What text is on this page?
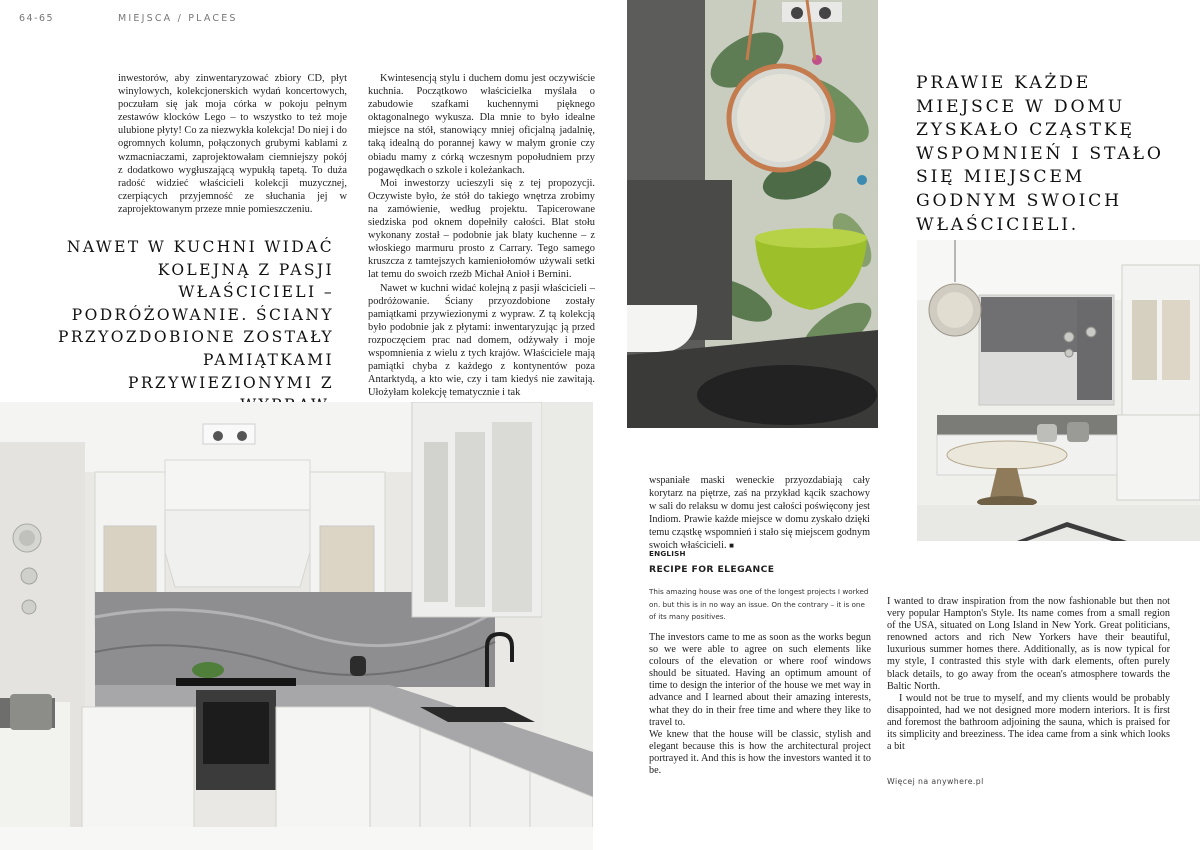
64-65	MIEJSCA / PLACES

inwestorów, aby zinwentaryzować zbiory CD, płyt winylowych, kolekcjonerskich wydań koncertowych, poczułam się jak moja córka w pokoju pełnym zestawów klocków Lego – to wszystko to też moje ulubione płyty! Co za niezwykła kolekcja! Do niej i do ogromnych kolumn, połączonych grubymi kablami z wzmacniaczami, zaprojektowałam ciemniejszy pokój z dodatkowo wygłuszającą wypukłą tapetą. To duża radość widzieć właścicieli kolekcji muzycznej, czerpiących przyjemność ze słuchania jej w zaprojektowanym przeze mnie pomieszczeniu.

Kwintesencją stylu i duchem domu jest oczywiście kuchnia. Początkowo właścicielka myślała o zabudowie szafkami kuchennymi pięknego oktagonalnego wykusza. Dla mnie to było idealne miejsce na stół, stanowiący mniej oficjalną jadalnię, taką idealną do porannej kawy w małym gronie czy obiadu mamy z córką wczesnym popołudniem przy pogawędkach o szkole i koleżankach.

Moi inwestorzy ucieszyli się z tej propozycji. Oczywiste było, że stół do takiego wnętrza zrobimy na zamówienie, według projektu. Tapicerowane siedziska pod oknem dopełniły całości. Blat stołu wykonany został – podobnie jak blaty kuchenne – z włoskiego marmuru prosto z Carrary. Tego samego kruszcza z tamtejszych kamieniołomów używali setki lat temu do swoich rzeźb Michał Anioł i Bernini.

Nawet w kuchni widać kolejną z pasji właścicieli – podróżowanie. Ściany przyozdobione zostały pamiątkami przywiezionymi z wypraw. Z tą kolekcją było podobnie jak z płytami: inwentaryzując ją przed rozpoczęciem prac nad domem, odżywały i moje wspomnienia z wielu z tych krajów. Właściciele mają pamiątki chyba z każdego z kontynentów poza Antarktydą, a kto wie, czy i tam kiedyś nie zawitają. Ułożyłam kolekcję tematycznie i tak

NAWET W KUCHNI WIDAĆ KOLEJNĄ Z PASJI WŁAŚCICIELI – PODRÓŻOWANIE. ŚCIANY PRZYOZDOBIONE ZOSTAŁY PAMIĄTKAMI PRZYWIEZIONYMI Z
PRAWIE KAŻDE MIEJSCE W DOMU ZYSKAŁO CZĄSTKĘ WSPOMNIEŃ I STAŁO SIĘ MIEJSCEM GODNYM SWOICH WŁAŚCICIELI.

wspaniałe maski weneckie przyozdabiają cały korytarz na piętrze, zaś na przykład kącik szachowy w sali do relaksu w domu jest całości poświęcony jest Indiom. Prawie każde miejsce w domu zyskało dzięki temu cząstkę wspomnień i stało się miejscem godnym swoich właścicieli. ■

ENGLISH
RECIPE FOR ELEGANCE
This amazing house was one of the longest projects I worked on. but this is in no way an issue. On the contrary – it is one of its many positives.

The investors came to me as soon as the works begun so we were able to agree on such elements like colours of the elevation or where roof windows should be situated. Having an optimum amount of time to design the interior of the house we met way in advance and I learned about their amazing interests, what they do in their free time and where they like to travel to.

We knew that the house will be classic, stylish and elegant because this is how the architectural project portrayed it. And this is how the investors wanted it to be.

I wanted to draw inspiration from the now fashionable but then not very popular Hampton's Style. Its name comes from a small region of the USA, situated on Long Island in New York. Great politicians, renowned actors and rich New Yorkers have their beautiful, luxurious summer homes there. Additionally, as is now typical for my style, I contrasted this style with dark elements, often purely black details, to go away from the ocean's atmosphere towards the Baltic North.

I would not be true to myself, and my clients would be probably disappointed, had we not designed more modern interiors. It is first and foremost the bathroom adjoining the sauna, which is praised for its simplicity and breeziness. The idea came from a sink which looks a bit

Więcej na anywhere.pl
